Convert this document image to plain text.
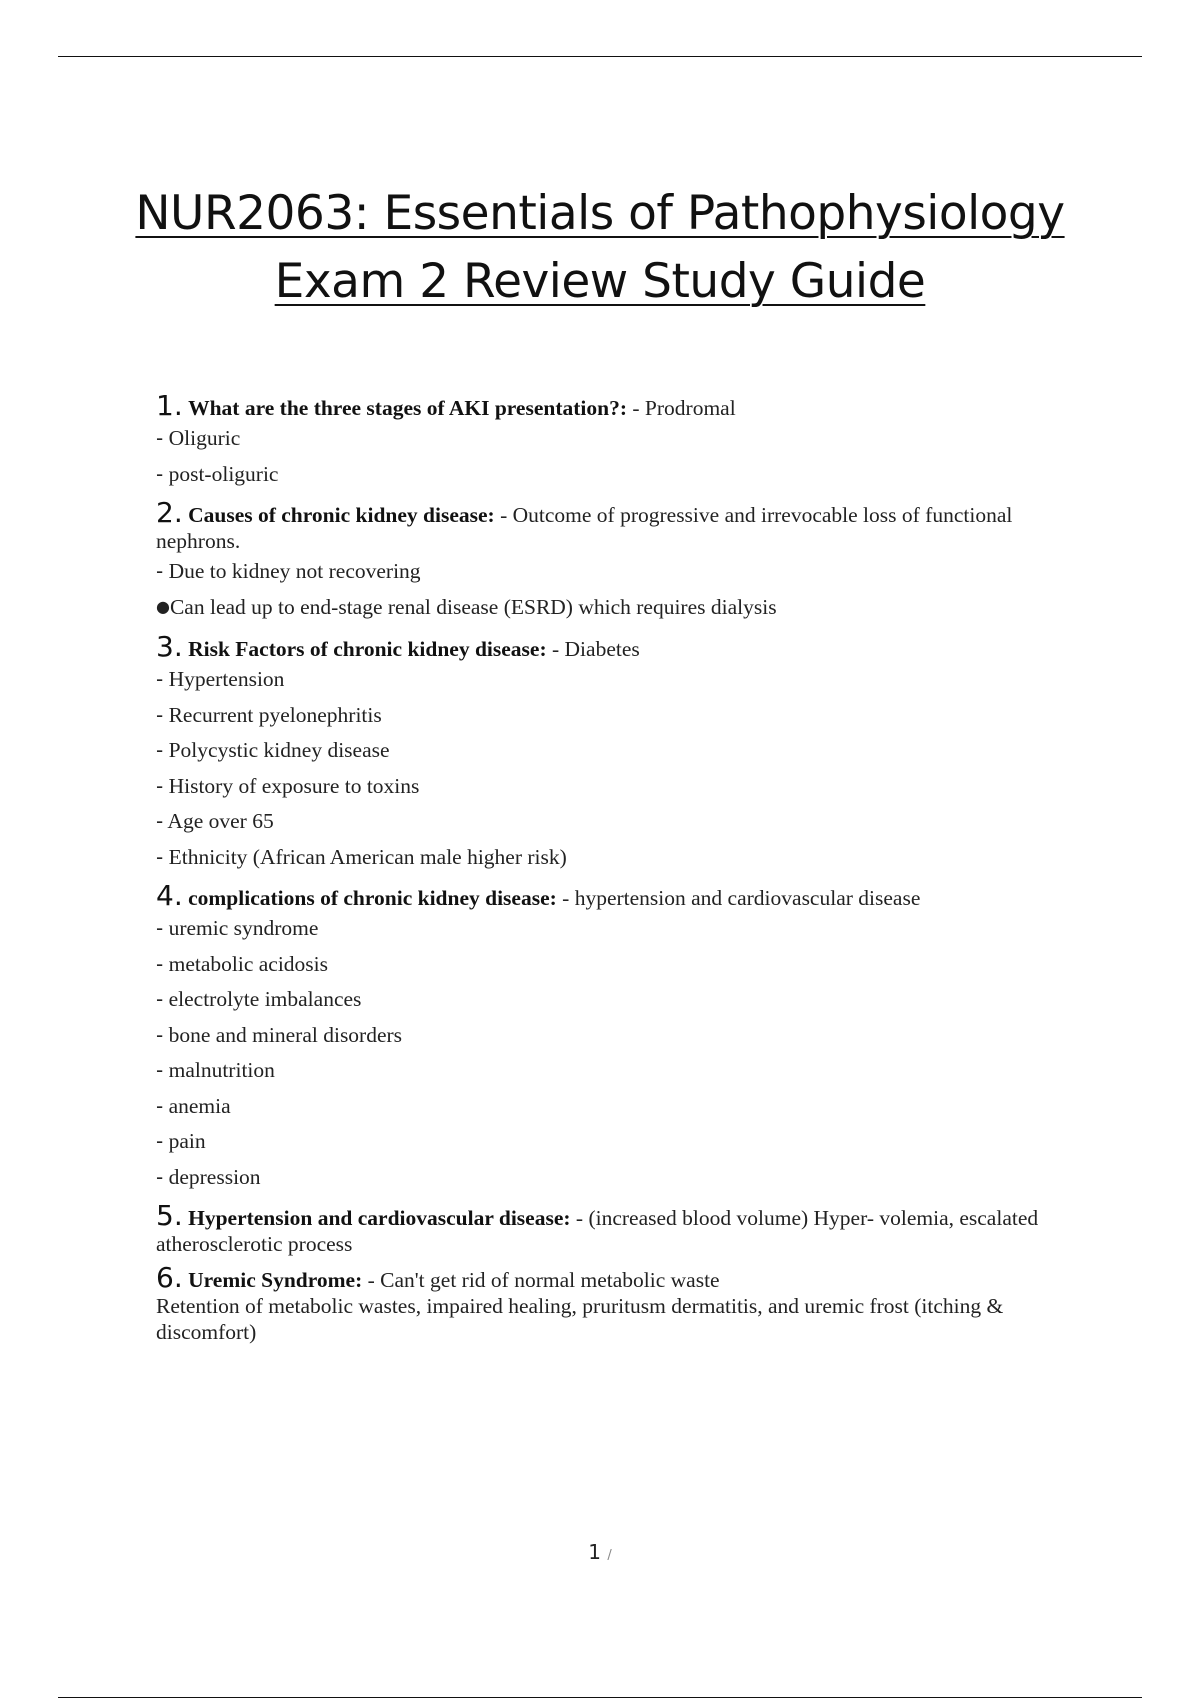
NUR2063: Essentials of Pathophysiology
Exam 2 Review Study Guide
1. What are the three stages of AKI presentation?: - Prodromal
- Oliguric
- post-oliguric
2. Causes of chronic kidney disease: - Outcome of progressive and irrevocable loss of functional nephrons.
- Due to kidney not recovering
●Can lead up to end-stage renal disease (ESRD) which requires dialysis
3. Risk Factors of chronic kidney disease: - Diabetes
- Hypertension
- Recurrent pyelonephritis
- Polycystic kidney disease
- History of exposure to toxins
- Age over 65
- Ethnicity (African American male higher risk)
4. complications of chronic kidney disease: - hypertension and cardiovascular disease
- uremic syndrome
- metabolic acidosis
- electrolyte imbalances
- bone and mineral disorders
- malnutrition
- anemia
- pain
- depression
5. Hypertension and cardiovascular disease: - (increased blood volume) Hyper- volemia, escalated atherosclerotic process
6. Uremic Syndrome: - Can't get rid of normal metabolic waste
Retention of metabolic wastes, impaired healing, pruritusm dermatitis, and uremic frost (itching & discomfort)
1 /
